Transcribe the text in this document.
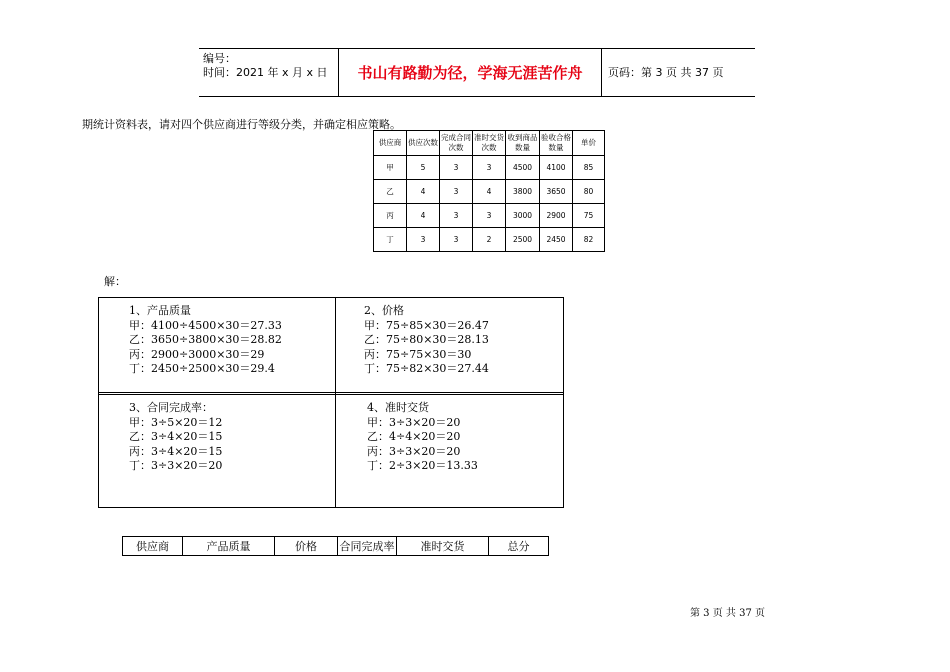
编号：
时间：2021 年 x 月 x 日 书山有路勤为径，学海无涯苦作舟 页码：第 3 页 共 37 页
期统计资料表，请对四个供应商进行等级分类，并确定相应策略。
供应商	供应次数	完成合同次数	准时交货次数	收到商品数量	验收合格数量	单价
甲	5	3	3	4500	4100	85
乙	4	3	4	3800	3650	80
丙	4	3	3	3000	2900	75
丁	3	3	2	2500	2450	82
解：
1、产品质量
甲：4100÷4500×30＝27.33
乙：3650÷3800×30＝28.82
丙：2900÷3000×30＝29
丁：2450÷2500×30＝29.4
2、价格
甲：75÷85×30＝26.47
乙：75÷80×30＝28.13
丙：75÷75×30＝30
丁：75÷82×30＝27.44
3、合同完成率：
甲：3÷5×20＝12
乙：3÷4×20＝15
丙：3÷4×20＝15
丁：3÷3×20＝20
4、准时交货
甲：3÷3×20＝20
乙：4÷4×20＝20
丙：3÷3×20＝20
丁：2÷3×20＝13.33
供应商	产品质量	价格	合同完成率	准时交货	总分
第 3 页 共 37 页
